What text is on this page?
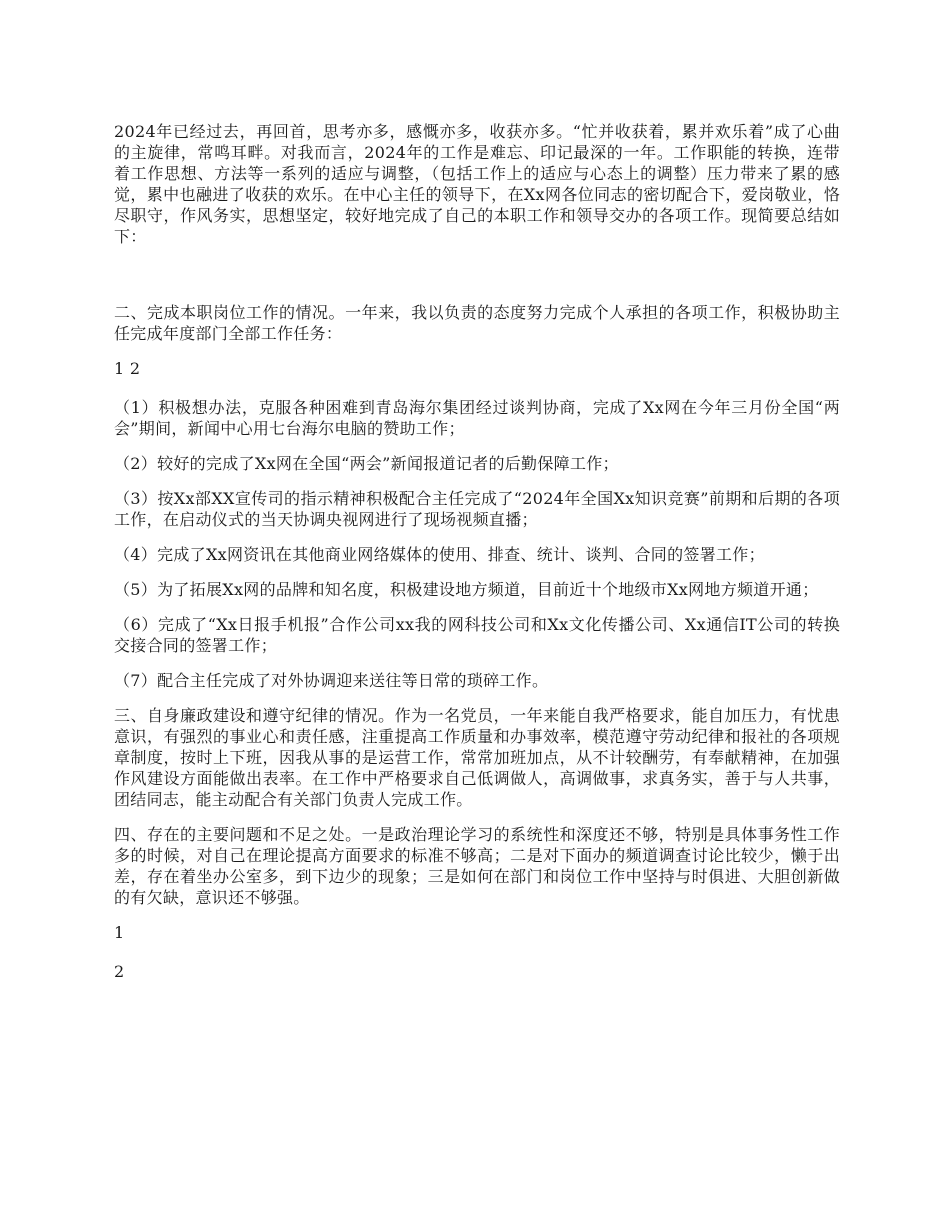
2024年已经过去，再回首，思考亦多，感慨亦多，收获亦多。“忙并收获着，累并欢乐着”成了心曲的主旋律，常鸣耳畔。对我而言，2024年的工作是难忘、印记最深的一年。工作职能的转换，连带着工作思想、方法等一系列的适应与调整，（包括工作上的适应与心态上的调整）压力带来了累的感觉，累中也融进了收获的欢乐。在中心主任的领导下，在Xx网各位同志的密切配合下，爱岗敬业，恪尽职守，作风务实，思想坚定，较好地完成了自己的本职工作和领导交办的各项工作。现简要总结如下：

二、完成本职岗位工作的情况。一年来，我以负责的态度努力完成个人承担的各项工作，积极协助主任完成年度部门全部工作任务：

1 2

（1）积极想办法，克服各种困难到青岛海尔集团经过谈判协商，完成了Xx网在今年三月份全国“两会”期间，新闻中心用七台海尔电脑的赞助工作；

（2）较好的完成了Xx网在全国“两会”新闻报道记者的后勤保障工作；

（3）按Xx部XX宣传司的指示精神积极配合主任完成了“2024年全国Xx知识竞赛”前期和后期的各项工作，在启动仪式的当天协调央视网进行了现场视频直播；

（4）完成了Xx网资讯在其他商业网络媒体的使用、排查、统计、谈判、合同的签署工作；

（5）为了拓展Xx网的品牌和知名度，积极建设地方频道，目前近十个地级市Xx网地方频道开通；

（6）完成了“Xx日报手机报”合作公司xx我的网科技公司和Xx文化传播公司、Xx通信IT公司的转换交接合同的签署工作；

（7）配合主任完成了对外协调迎来送往等日常的琐碎工作。

三、自身廉政建设和遵守纪律的情况。作为一名党员，一年来能自我严格要求，能自加压力，有忧患意识，有强烈的事业心和责任感，注重提高工作质量和办事效率，模范遵守劳动纪律和报社的各项规章制度，按时上下班，因我从事的是运营工作，常常加班加点，从不计较酬劳，有奉献精神，在加强作风建设方面能做出表率。在工作中严格要求自己低调做人，高调做事，求真务实，善于与人共事，团结同志，能主动配合有关部门负责人完成工作。

四、存在的主要问题和不足之处。一是政治理论学习的系统性和深度还不够，特别是具体事务性工作多的时候，对自己在理论提高方面要求的标准不够高；二是对下面办的频道调查讨论比较少，懒于出差，存在着坐办公室多，到下边少的现象；三是如何在部门和岗位工作中坚持与时俱进、大胆创新做的有欠缺，意识还不够强。

1

2
